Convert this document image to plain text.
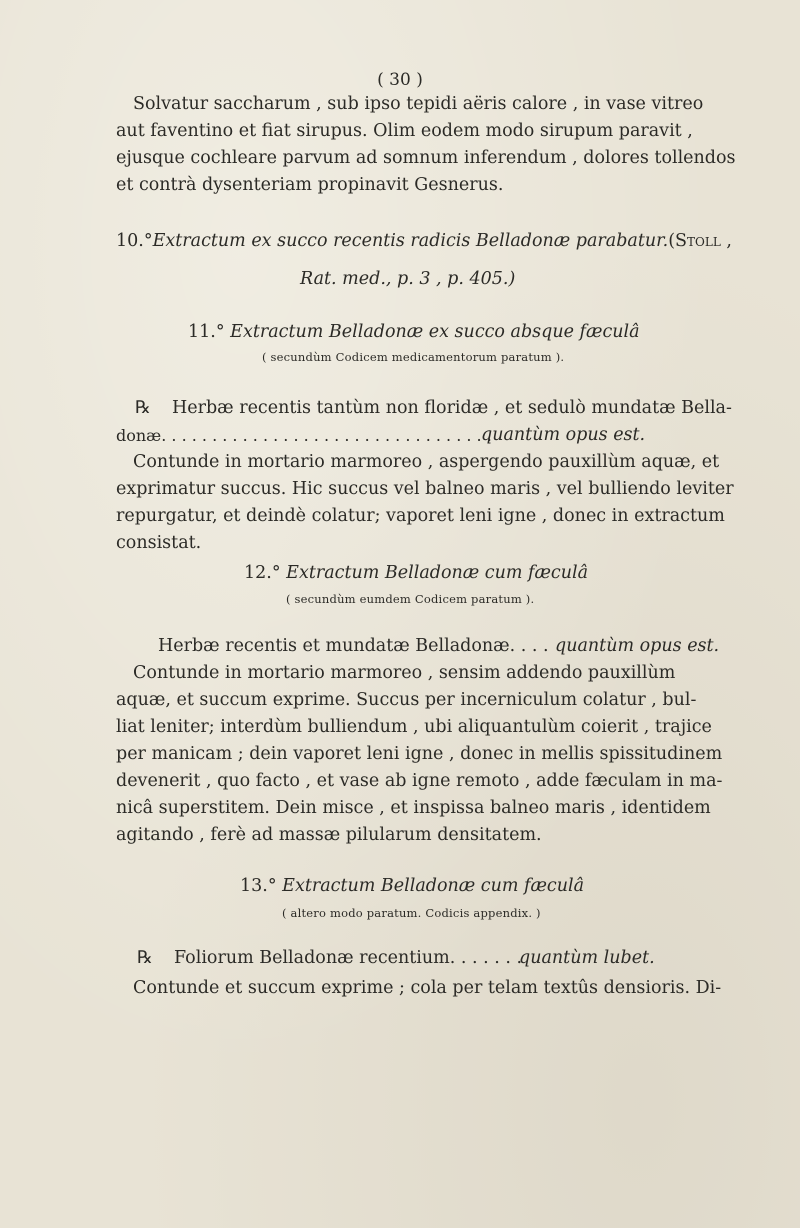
( 30 )
Solvatur saccharum , sub ipso tepidi aëris calore , in vase vitreo
aut faventino et fiat sirupus. Olim eodem modo sirupum paravit ,
ejusque cochleare parvum ad somnum inferendum , dolores tollendos
et contrà dysenteriam propinavit Gesnerus.
10.°Extractum ex succo recentis radicis Belladonæ parabatur.(Stoll ,
Rat. med., p. 3 , p. 405.)
11.° Extractum Belladonæ ex succo absque fæculâ
( secundùm Codicem medicamentorum paratum ).
℞ Herbæ recentis tantùm non floridæ , et sedulò mundatæ Bella-
donæ. . . . . . . . . . . . . . . . . . . . . . . . . . . . . . . . .
quantùm opus est.
Contunde in mortario marmoreo , aspergendo pauxillùm aquæ, et
exprimatur succus. Hic succus vel balneo maris , vel bulliendo leviter
repurgatur, et deindè colatur; vaporet leni igne , donec in extractum
consistat.
12.° Extractum Belladonæ cum fæculâ
( secundùm eumdem Codicem paratum ).
Herbæ recentis et mundatæ Belladonæ. . . . quantùm opus est.
Contunde in mortario marmoreo , sensim addendo pauxillùm
aquæ, et succum exprime. Succus per incerniculum colatur , bul-
liat leniter; interdùm bulliendum , ubi aliquantulùm coierit , trajice
per manicam ; dein vaporet leni igne , donec in mellis spissitudinem
devenerit , quo facto , et vase ab igne remoto , adde fæculam in ma-
nicâ superstitem. Dein misce , et inspissa balneo maris , identidem
agitando , ferè ad massæ pilularum densitatem.
13.° Extractum Belladonæ cum fæculâ
( altero modo paratum. Codicis appendix. )
℞ Foliorum Belladonæ recentium. . . . . . .
quantùm lubet.
Contunde et succum exprime ; cola per telam textûs densioris. Di-
